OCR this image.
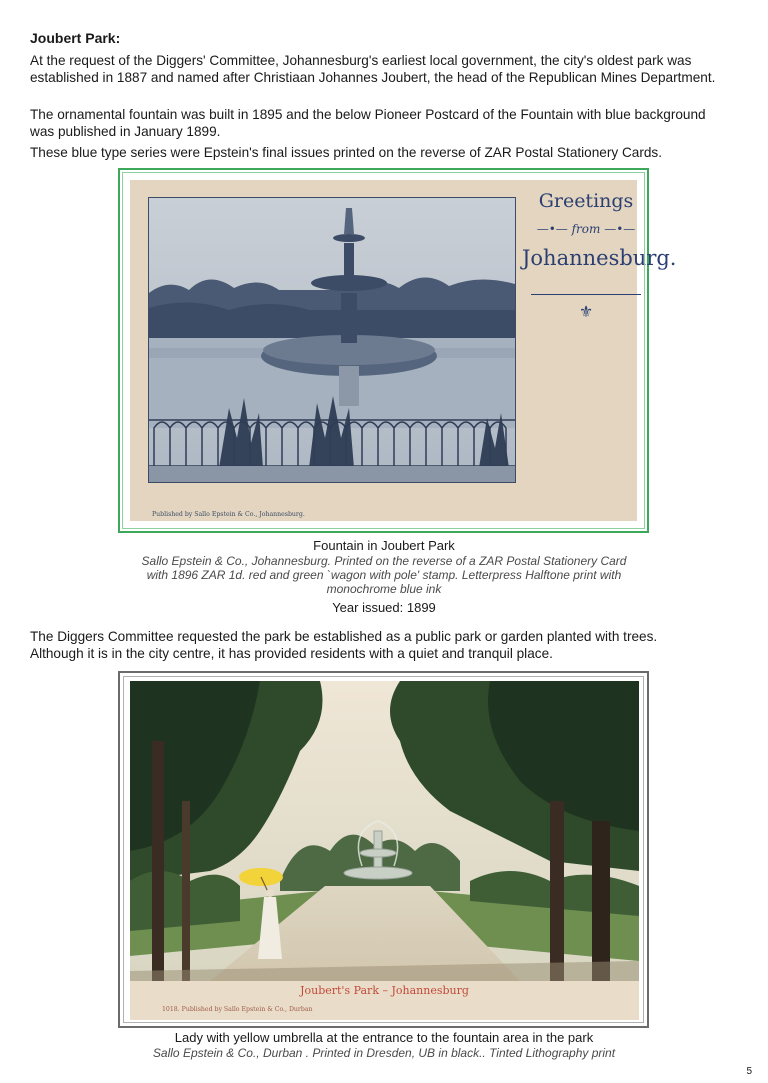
Joubert Park:

At the request of the Diggers' Committee, Johannesburg's earliest local government, the city's oldest park was established in 1887 and named after Christiaan Johannes Joubert, the head of the Republican Mines Department.

The ornamental fountain was built in 1895 and the below Pioneer Postcard of the Fountain with blue background was published in January 1899.

These blue type series were Epstein's final issues printed on the reverse of ZAR Postal Stationery Cards.

Greetings
—•— from —•—
Johannesburg.
⚜
Published by Sallo Epstein & Co., Johannesburg.

Fountain in Joubert Park

Sallo Epstein & Co., Johannesburg. Printed on the reverse of a ZAR Postal Stationery Card

with 1896 ZAR 1d. red and green `wagon with pole' stamp. Letterpress Halftone print with

monochrome blue ink

Year issued: 1899

The Diggers Committee requested the park be established as a public park or garden planted with trees.

Although it is in the city centre, it has provided residents with a quiet and tranquil place.

Joubert's Park – Johannesburg
1018. Published by Sallo Epstein & Co., Durban

Lady with yellow umbrella at the entrance to the fountain area in the park

Sallo Epstein & Co., Durban . Printed in Dresden, UB in black.. Tinted Lithography print

5
